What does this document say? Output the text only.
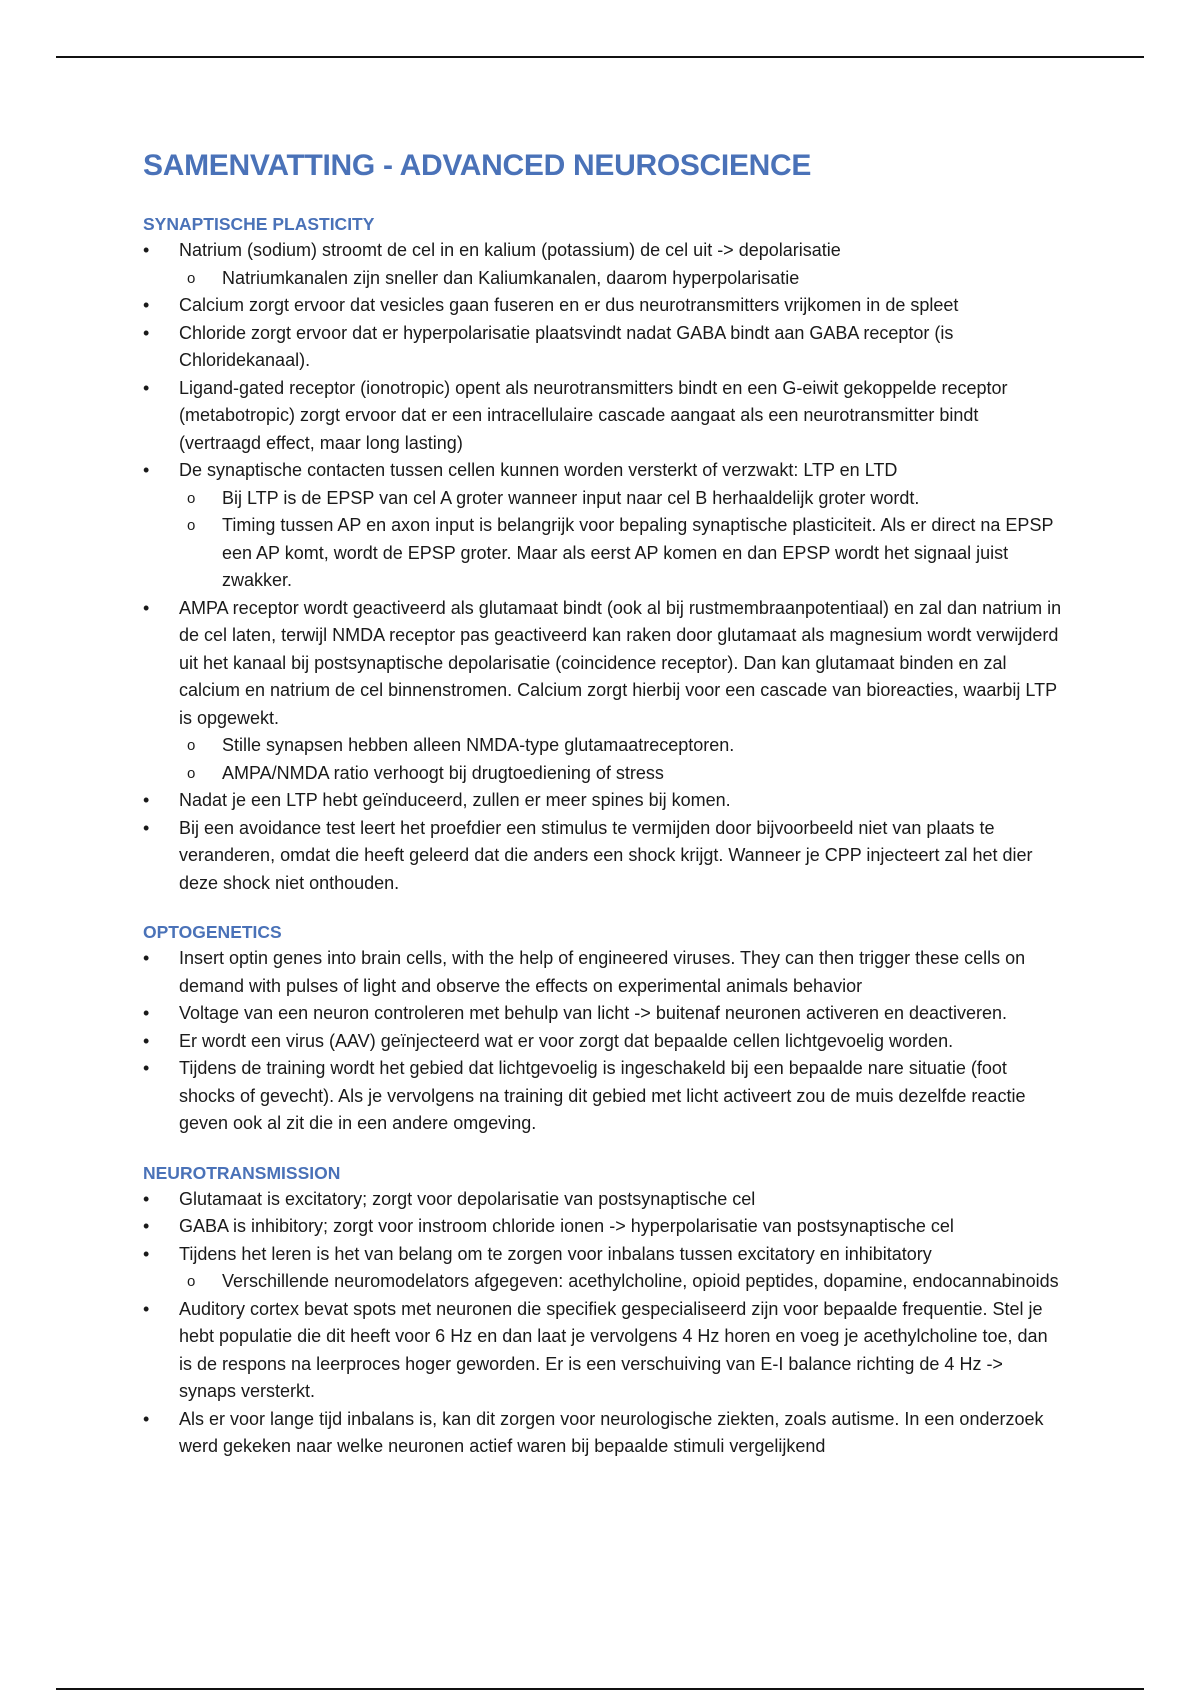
SAMENVATTING - ADVANCED NEUROSCIENCE
SYNAPTISCHE PLASTICITY
• Natrium (sodium) stroomt de cel in en kalium (potassium) de cel uit -> depolarisatie
o Natriumkanalen zijn sneller dan Kaliumkanalen, daarom hyperpolarisatie
• Calcium zorgt ervoor dat vesicles gaan fuseren en er dus neurotransmitters vrijkomen in de spleet
• Chloride zorgt ervoor dat er hyperpolarisatie plaatsvindt nadat GABA bindt aan GABA receptor (is Chloridekanaal).
• Ligand-gated receptor (ionotropic) opent als neurotransmitters bindt en een G-eiwit gekoppelde receptor (metabotropic) zorgt ervoor dat er een intracellulaire cascade aangaat als een neurotransmitter bindt (vertraagd effect, maar long lasting)
• De synaptische contacten tussen cellen kunnen worden versterkt of verzwakt: LTP en LTD
o Bij LTP is de EPSP van cel A groter wanneer input naar cel B herhaaldelijk groter wordt.
o Timing tussen AP en axon input is belangrijk voor bepaling synaptische plasticiteit. Als er direct na EPSP een AP komt, wordt de EPSP groter. Maar als eerst AP komen en dan EPSP wordt het signaal juist zwakker.
• AMPA receptor wordt geactiveerd als glutamaat bindt (ook al bij rustmembraanpotentiaal) en zal dan natrium in de cel laten, terwijl NMDA receptor pas geactiveerd kan raken door glutamaat als magnesium wordt verwijderd uit het kanaal bij postsynaptische depolarisatie (coincidence receptor). Dan kan glutamaat binden en zal calcium en natrium de cel binnenstromen. Calcium zorgt hierbij voor een cascade van bioreacties, waarbij LTP is opgewekt.
o Stille synapsen hebben alleen NMDA-type glutamaatreceptoren.
o AMPA/NMDA ratio verhoogt bij drugtoediening of stress
• Nadat je een LTP hebt geïnduceerd, zullen er meer spines bij komen.
• Bij een avoidance test leert het proefdier een stimulus te vermijden door bijvoorbeeld niet van plaats te veranderen, omdat die heeft geleerd dat die anders een shock krijgt. Wanneer je CPP injecteert zal het dier deze shock niet onthouden.
OPTOGENETICS
• Insert optin genes into brain cells, with the help of engineered viruses. They can then trigger these cells on demand with pulses of light and observe the effects on experimental animals behavior
• Voltage van een neuron controleren met behulp van licht -> buitenaf neuronen activeren en deactiveren.
• Er wordt een virus (AAV) geïnjecteerd wat er voor zorgt dat bepaalde cellen lichtgevoelig worden.
• Tijdens de training wordt het gebied dat lichtgevoelig is ingeschakeld bij een bepaalde nare situatie (foot shocks of gevecht). Als je vervolgens na training dit gebied met licht activeert zou de muis dezelfde reactie geven ook al zit die in een andere omgeving.
NEUROTRANSMISSION
• Glutamaat is excitatory; zorgt voor depolarisatie van postsynaptische cel
• GABA is inhibitory; zorgt voor instroom chloride ionen -> hyperpolarisatie van postsynaptische cel
• Tijdens het leren is het van belang om te zorgen voor inbalans tussen excitatory en inhibitatory
o Verschillende neuromodelators afgegeven: acethylcholine, opioid peptides, dopamine, endocannabinoids
• Auditory cortex bevat spots met neuronen die specifiek gespecialiseerd zijn voor bepaalde frequentie. Stel je hebt populatie die dit heeft voor 6 Hz en dan laat je vervolgens 4 Hz horen en voeg je acethylcholine toe, dan is de respons na leerproces hoger geworden. Er is een verschuiving van E-I balance richting de 4 Hz -> synaps versterkt.
• Als er voor lange tijd inbalans is, kan dit zorgen voor neurologische ziekten, zoals autisme. In een onderzoek werd gekeken naar welke neuronen actief waren bij bepaalde stimuli vergelijkend
